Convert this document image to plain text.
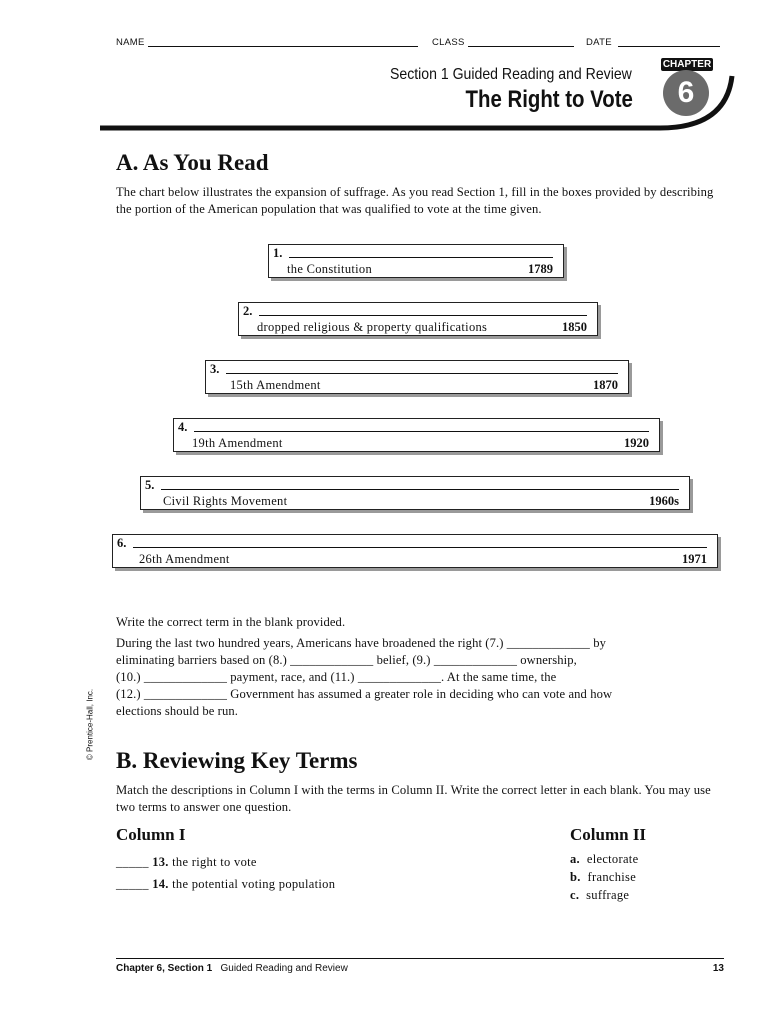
NAME	CLASS	DATE
Section 1 Guided Reading and Review
The Right to Vote
CHAPTER
6
A. As You Read

The chart below illustrates the expansion of suffrage. As you read Section 1, fill in the boxes provided by describing the portion of the American population that was qualified to vote at the time given.

1.
the Constitution	1789
2.
dropped religious & property qualifications	1850
3.
15th Amendment	1870
4.
19th Amendment	1920
5.
Civil Rights Movement	1960s
6.
26th Amendment	1971

Write the correct term in the blank provided.

During the last two hundred years, Americans have broadened the right (7.) _____________ by
eliminating barriers based on (8.) _____________ belief, (9.) _____________ ownership,
(10.) _____________ payment, race, and (11.) _____________. At the same time, the
(12.) _____________ Government has assumed a greater role in deciding who can vote and how
elections should be run.
© Prentice-Hall, Inc.
B. Reviewing Key Terms

Match the descriptions in Column I with the terms in Column II. Write the correct letter in each blank. You may use two terms to answer one question.

Column I	Column II
_____ 13. the right to vote
_____ 14. the potential voting population
a. electorate
b. franchise
c. suffrage
Chapter 6, Section 1 Guided Reading and Review	13
